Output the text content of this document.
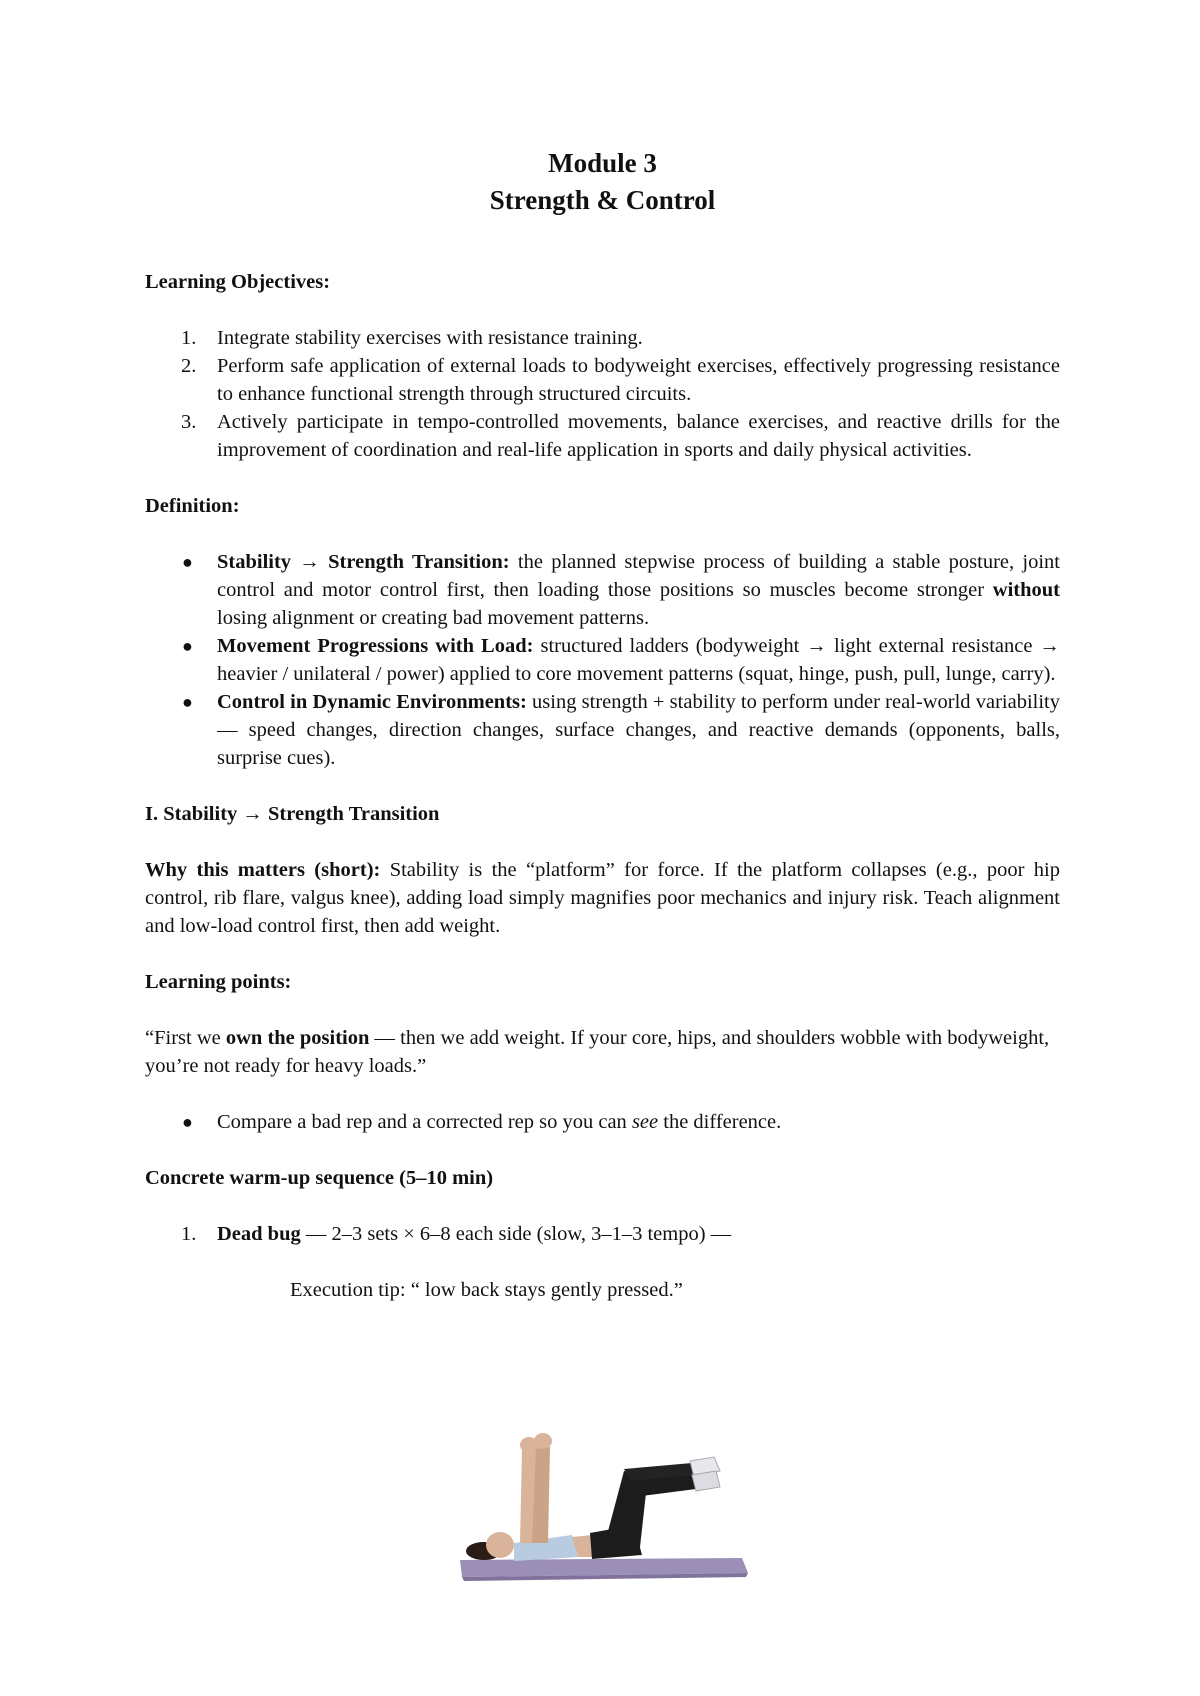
Module 3

Strength & Control

Learning Objectives:

1. Integrate stability exercises with resistance training.
2. Perform safe application of external loads to bodyweight exercises, effectively progressing resistance to enhance functional strength through structured circuits.
3. Actively participate in tempo-controlled movements, balance exercises, and reactive drills for the improvement of coordination and real-life application in sports and daily physical activities.

Definition:

● Stability → Strength Transition: the planned stepwise process of building a stable posture, joint control and motor control first, then loading those positions so muscles become stronger without losing alignment or creating bad movement patterns.
● Movement Progressions with Load: structured ladders (bodyweight → light external resistance → heavier / unilateral / power) applied to core movement patterns (squat, hinge, push, pull, lunge, carry).
● Control in Dynamic Environments: using strength + stability to perform under real-world variability — speed changes, direction changes, surface changes, and reactive demands (opponents, balls, surprise cues).

I. Stability → Strength Transition

Why this matters (short): Stability is the “platform” for force. If the platform collapses (e.g., poor hip control, rib flare, valgus knee), adding load simply magnifies poor mechanics and injury risk. Teach alignment and low-load control first, then add weight.

Learning points:

“First we own the position — then we add weight. If your core, hips, and shoulders wobble with bodyweight, you’re not ready for heavy loads.”

● Compare a bad rep and a corrected rep so you can see the difference.

Concrete warm-up sequence (5–10 min)

1. Dead bug — 2–3 sets × 6–8 each side (slow, 3–1–3 tempo) —

Execution tip: “ low back stays gently pressed.”
